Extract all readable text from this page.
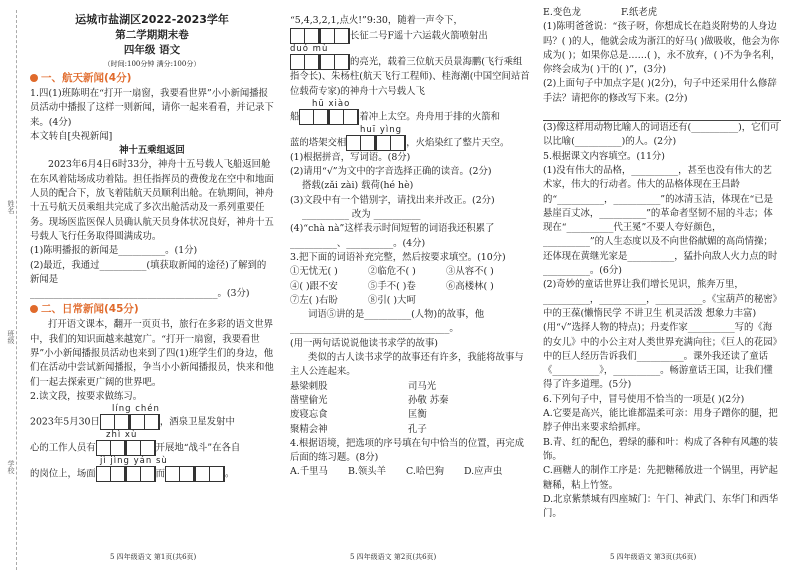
姓名
班级
学校

运城市盐湖区2022-2023学年

第二学期期末卷

四年级 语文

（时间:100分钟 满分:100分）

一、航天新闻(4分)

1.四(1)班陈明在“打开一扇窗，我要看世界”小小新闻播报员活动中播报了这样一则新闻，请你一起来看看，并记录下来。(4分)

本文转自[央视新闻]

神十五乘组返回

2023年6月4日6时33分，神舟十五号载人飞船返回舱在东风着陆场成功着陆。担任指挥员的费俊龙在空中和地面人员的配合下，放飞着陆航天员顺利出舱。在轨期间，神舟十五号航天员乘组共完成了多次出舱活动及一系列重要任务。现场医监医保人员确认航天员身体状况良好，神舟十五号载人飞行任务取得圆满成功。

(1)陈明播报的新闻是__________。(1分)

(2)最近，我通过__________(填获取新闻的途径)了解到的新闻是

________________________________________。(3分)

二、日常新闻(45分)

打开语文课本，翻开一页页书，旅行在多彩的语文世界中，我们的知识面越来越宽广。“打开一扇窗，我要看世界”小小新闻播报员活动也来到了四(1)班学生们的身边，他们在活动中尝试新闻播报，争当小小新闻播报员，快来和他们一起去探索更广阔的世界吧。

2.读文段，按要求做练习。

líng chén

2023年5月30日	，酒泉卫星发射中

zhì xù

心的工作人员有	开展地“战斗”在各自

jì jìng yán sù

的岗位上，场面	而	。

5 四年级语文 第1页(共6页)

“5,4,3,2,1,点火!”9:30，随着一声令下，

长征二号F遥十六运载火箭喷射出

duó mù

的亮光，载着三位航天员景海鹏(飞行乘组指令长)、朱杨柱(航天飞行工程师)、桂海潮(中国空间站首位载荷专家)的神舟十六号载人飞

hū xiào

船	着冲上太空。舟舟用于排的火箭和

huī yìng

蓝的塔架交相	，火焰染红了整片天空。

(1)根据拼音，写词语。(8分)

(2)请用“√”为文中的字音选择正确的读音。(2分)

搭载(zǎi zài) 载荷(hé hè)

(3)文段中有一个错别字，请找出来并改正。(2分)

__________ 改为 __________

(4)“chà nà”这样表示时间短暂的词语我还积累了__________、__________。(4分)

3.把下面的词语补充完整，然后按要求填空。(10分)

①无忧无( )	②临危不( )	③从容不( )

④( )跟不安	⑤手不( )卷	⑥高楼林( )

⑦左( )右盼	⑧引( )大呵

词语⑤讲的是__________(人物)的故事，他__________________________________。

(用一两句话说说他读书求学的故事)

类似的古人读书求学的故事还有许多，我能将故事与主人公连起来。

悬梁刺股	司马光

凿壁偷光	孙敬 苏秦

废寝忘食	匡衡

聚精会神	孔子

4.根据语境，把选项的序号填在句中恰当的位置，再完成后面的练习题。(8分)

A.千里马 B.领头羊 C.哈巴狗 D.应声虫

5 四年级语文 第2页(共6页)

E.变色龙	F.纸老虎

(1)陈明爸爸说：“孩子呀，你想成长在趋炎附势的人身边吗？( )的人，他就会成为浙江的好马( )做吸收，他会为你成为( )；如果你总是……( )，永不放弃，( )不为争名利，你终会成为( )干的( )”，(3分)

(2)上面句子中加点字是( )(2分)，句子中还采用什么修辞手法？请把你的修改写下来。(2分)

(3)像这样用动物比喻人的词语还有(__________)，它们可以比喻(__________)的人。(2分)

5.根据课文内容填空。(11分)

(1)没有伟大的品格，__________，甚至也没有伟大的艺术家，伟大的行动者。伟大的品格体现在王昌龄的“__________，__________”的冰清玉洁，体现在“已是悬崖百丈冰，__________”的革命者坚韧不屈的斗志；体现在“__________代王冕”不要人夸好颜色，__________”的人生态度以及不向世俗献媚的高尚情操；还体现在黄继光家是__________，猛扑向敌人火力点的时__________。(6分)

(2)奇妙的童话世界让我们增长见识，熊奔万里，__________，__________，__________。《宝葫芦的秘密》中的王葆(懒惰民学 不讲卫生 机灵活泼 想象力丰富)(用“√”选择人物的特点)；丹麦作家__________写的《海的女儿》中的小公主对人类世界充满向往；《巨人的花园》中的巨人经历告诉我们__________。课外我还读了童话《__________》，__________。畅游童话王国，让我们懂得了许多道理。(5分)

6.下列句子中，冒号使用不恰当的一项是( )(2分)

A.它要是高兴，能比谁都温柔可亲：用身子蹭你的腿，把脖子伸出来要求给抓痒。

B.青、红的配色，碧绿的藤和叶：构成了各种有风趣的装饰。

C.画糖人的制作工序是：先把糖稀放进一个锅里，再铲起糖稀，粘上竹签。

D.北京紫禁城有四座城门：午门、神武门、东华门和西华门。

5 四年级语文 第3页(共6页)
